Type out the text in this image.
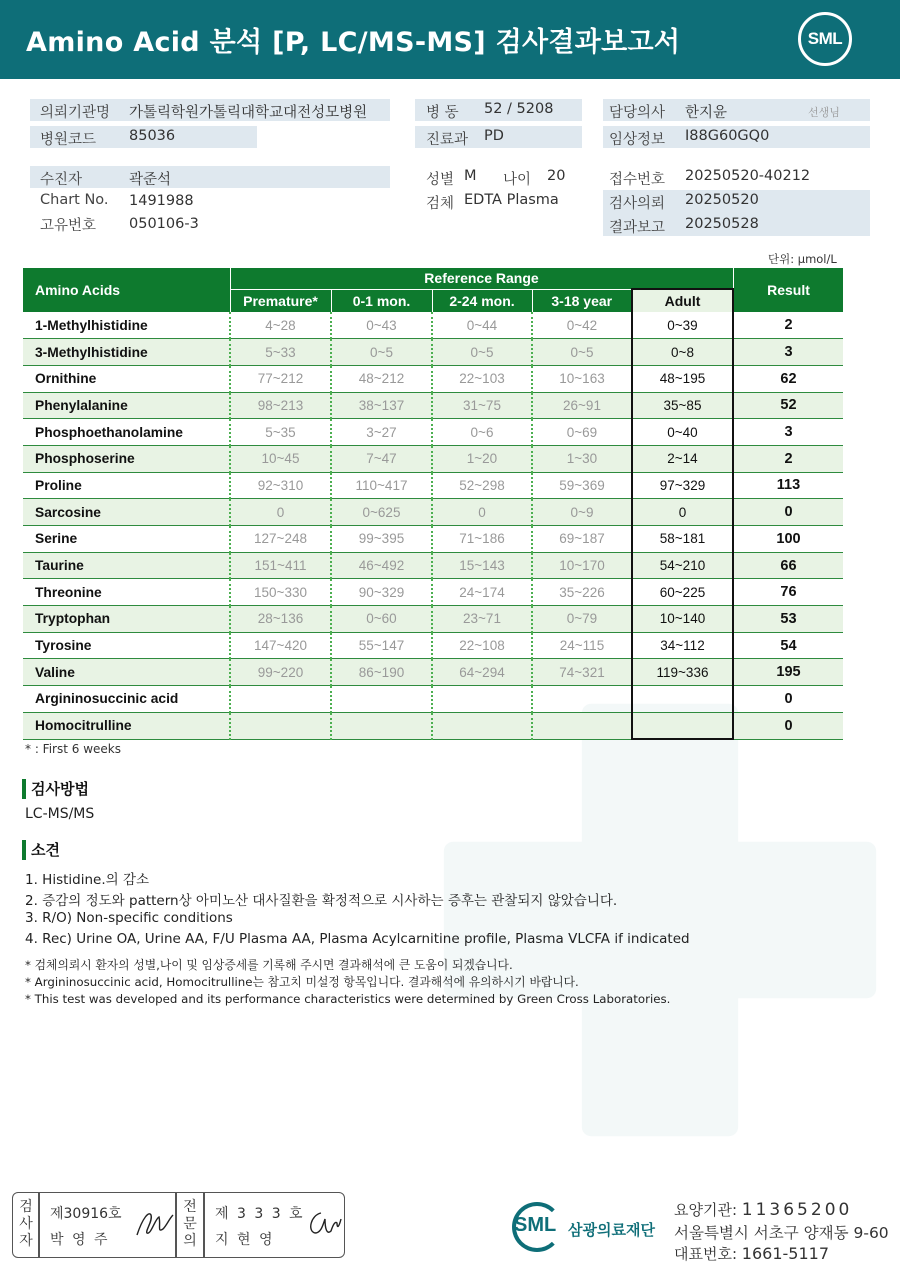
Amino Acid 분석 [P, LC/MS-MS] 검사결과보고서	SML
의뢰기관명 가톨릭학원가톨릭대학교대전성모병원
병원코드 85036
병 동 52 / 5208
진료과 PD
담당의사 한지윤	선생님
임상정보 I88G60GQ0
수진자	곽준석
Chart No. 1491988
고유번호 050106-3
성별 M 나이 20
검체 EDTA Plasma
접수번호 20250520-40212
검사의뢰 20250520
결과보고 20250528
단위: μmol/L
Amino Acids	Reference Range					Result
	Premature*	0-1 mon.	2-24 mon.	3-18 year	Adult	
1-Methylhistidine	4~28	0~43	0~44	0~42	0~39	2
3-Methylhistidine	5~33	0~5	0~5	0~5	0~8	3
Ornithine	77~212	48~212	22~103	10~163	48~195	62
Phenylalanine	98~213	38~137	31~75	26~91	35~85	52
Phosphoethanolamine	5~35	3~27	0~6	0~69	0~40	3
Phosphoserine	10~45	7~47	1~20	1~30	2~14	2
Proline	92~310	110~417	52~298	59~369	97~329	113
Sarcosine	0	0~625	0	0~9	0	0
Serine	127~248	99~395	71~186	69~187	58~181	100
Taurine	151~411	46~492	15~143	10~170	54~210	66
Threonine	150~330	90~329	24~174	35~226	60~225	76
Tryptophan	28~136	0~60	23~71	0~79	10~140	53
Tyrosine	147~420	55~147	22~108	24~115	34~112	54
Valine	99~220	86~190	64~294	74~321	119~336	195
Argininosuccinic acid						0
Homocitrulline						0
* : First 6 weeks
검사방법
LC-MS/MS
소견
1. Histidine.의 감소
2. 증감의 정도와 pattern상 아미노산 대사질환을 확정적으로 시사하는 증후는 관찰되지 않았습니다.
3. R/O) Non-specific conditions
4. Rec) Urine OA, Urine AA, F/U Plasma AA, Plasma Acylcarnitine profile, Plasma VLCFA if indicated
* 검체의뢰시 환자의 성별,나이 및 임상증세를 기록해 주시면 결과해석에 큰 도움이 되겠습니다.
* Argininosuccinic acid, Homocitrulline는 참고치 미설정 항목입니다. 결과해석에 유의하시기 바랍니다.
* This test was developed and its performance characteristics were determined by Green Cross Laboratories.
검
사
자
제30916호
박 영 주
전
문
의
제 3 3 3 호
지 현 영
SML 삼광의료재단
요양기관: 11365200
서울특별시 서초구 양재동 9-60
대표번호: 1661-5117
